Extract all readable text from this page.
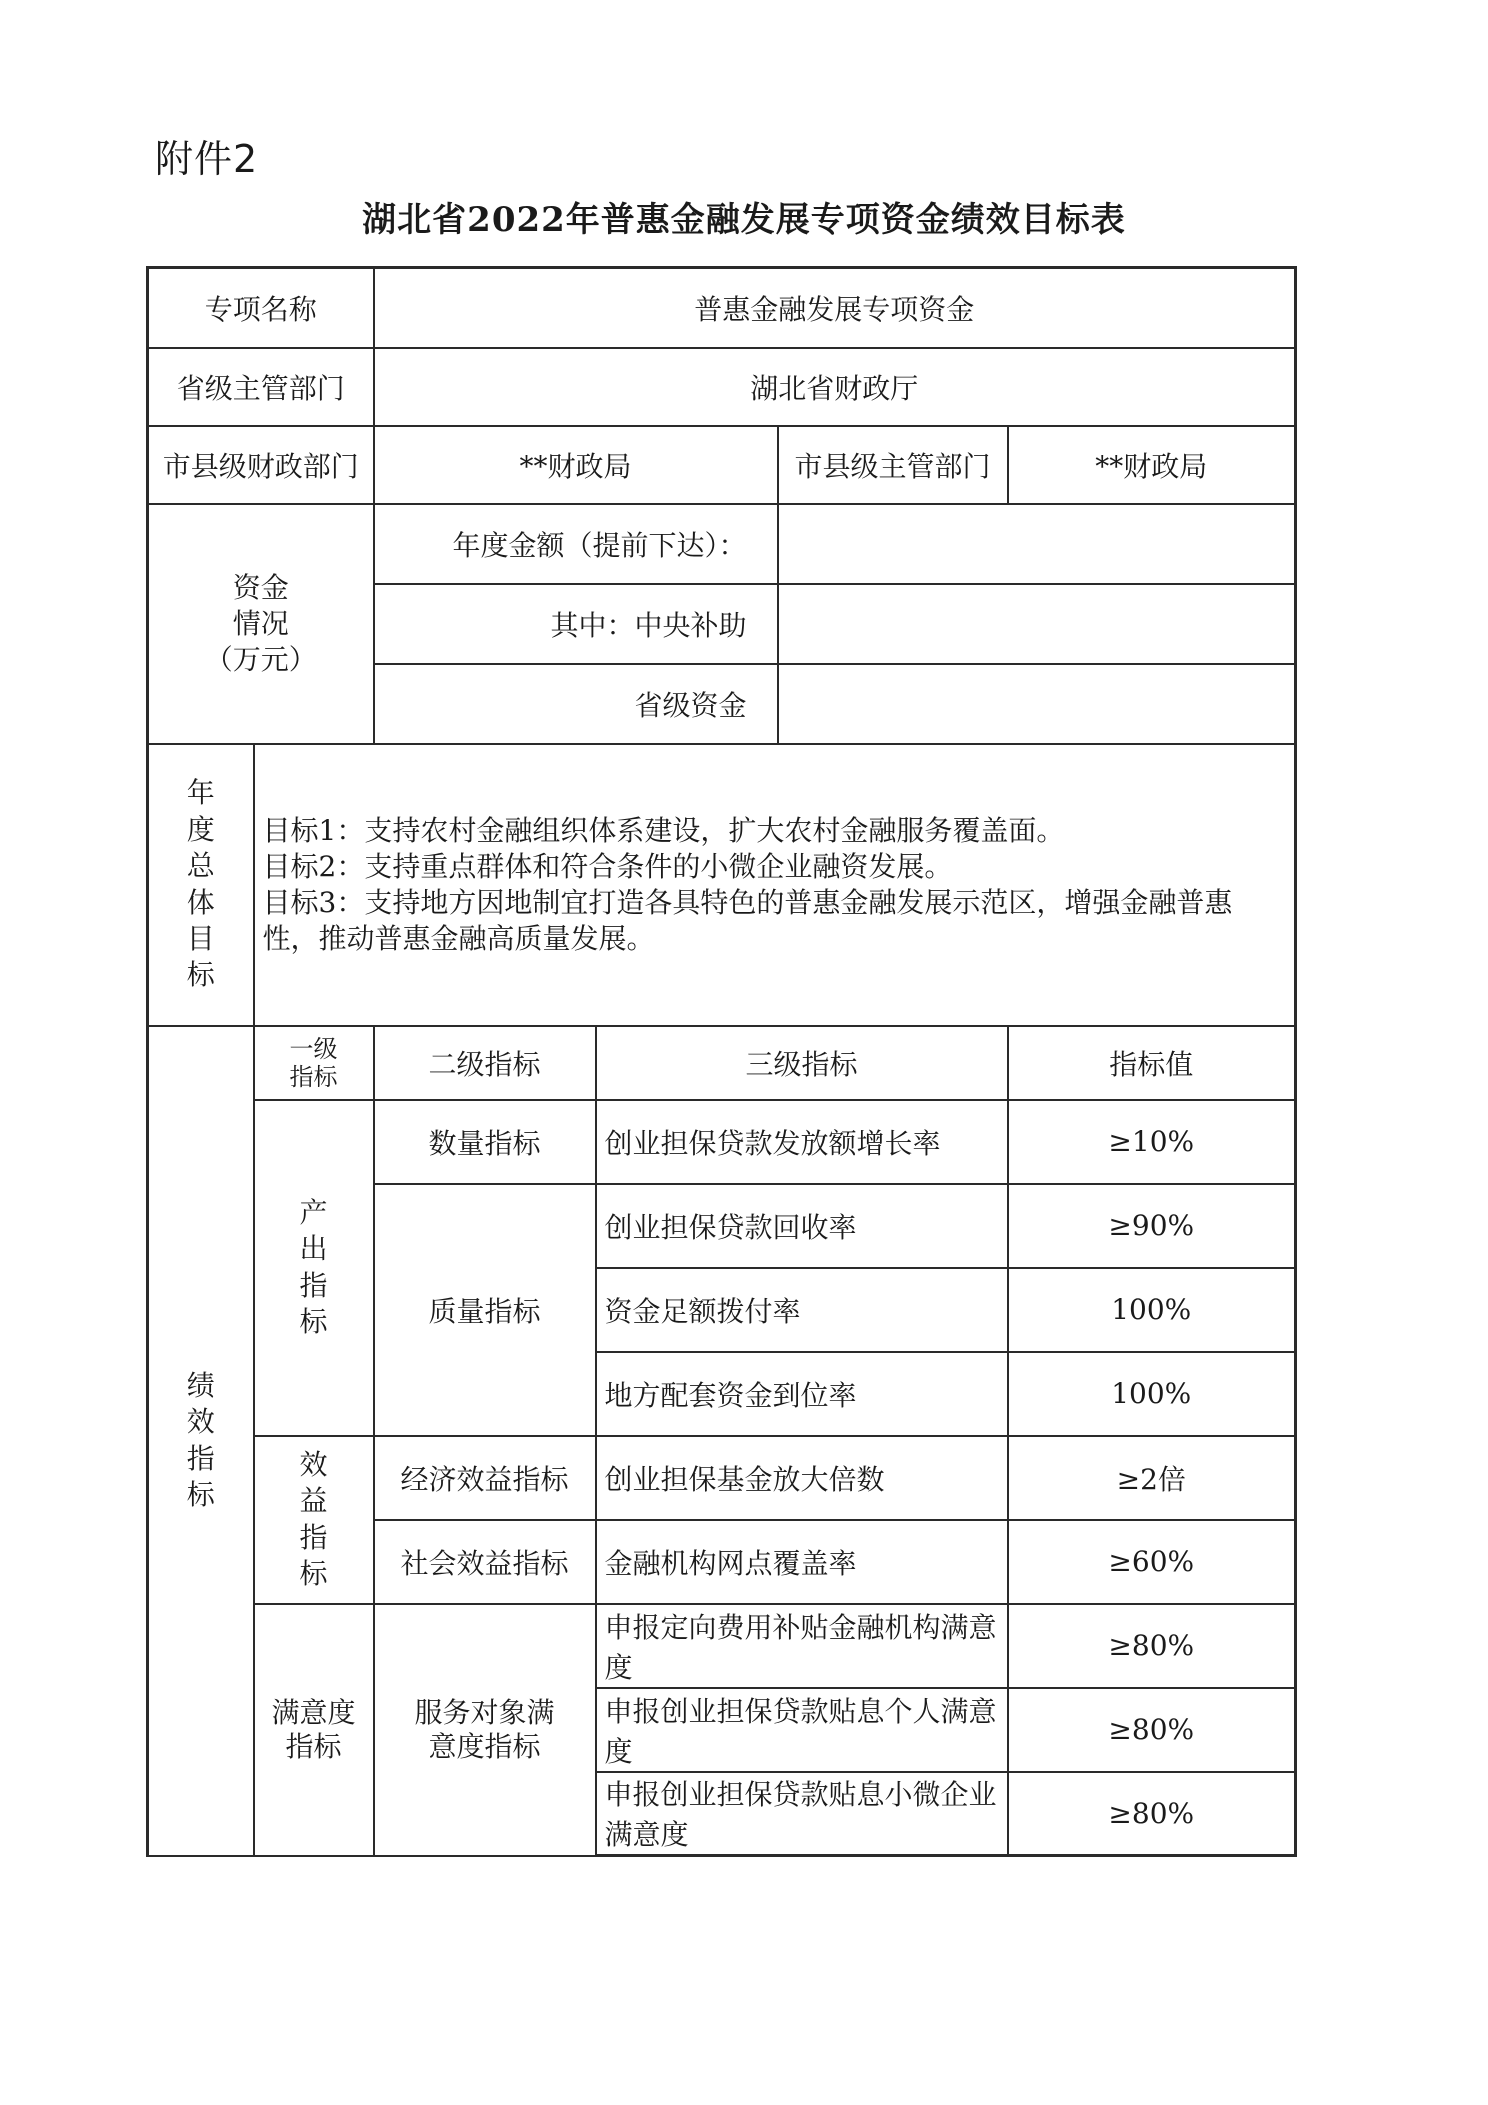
附件2
湖北省2022年普惠金融发展专项资金绩效目标表
专项名称		普惠金融发展专项资金			
省级主管部门		湖北省财政厅			
市县级财政部门		**财政局		市县级主管部门	**财政局

资金
情况
（万元）		年度金额（提前下达）：			
		其中：中央补助			
		省级资金			
年度总体目标	目标1：支持农村金融组织体系建设，扩大农村金融服务覆盖面。
目标2：支持重点群体和符合条件的小微企业融资发展。
目标3：支持地方因地制宜打造各具特色的普惠金融发展示范区，增强金融普惠性，推动普惠金融高质量发展。				

绩效指标	一级指标	二级指标	三级指标		指标值
	产出指标	数量指标	创业担保贷款发放额增长率		≥10%
		质量指标	创业担保贷款回收率		≥90%
			资金足额拨付率		100%
			地方配套资金到位率		100%
	效益指标	经济效益指标	创业担保基金放大倍数		≥2倍
		社会效益指标	金融机构网点覆盖率		≥60%
	满意度指标	服务对象满意度指标	申报定向费用补贴金融机构满意度		≥80%
			申报创业担保贷款贴息个人满意度		≥80%
			申报创业担保贷款贴息小微企业满意度		≥80%
